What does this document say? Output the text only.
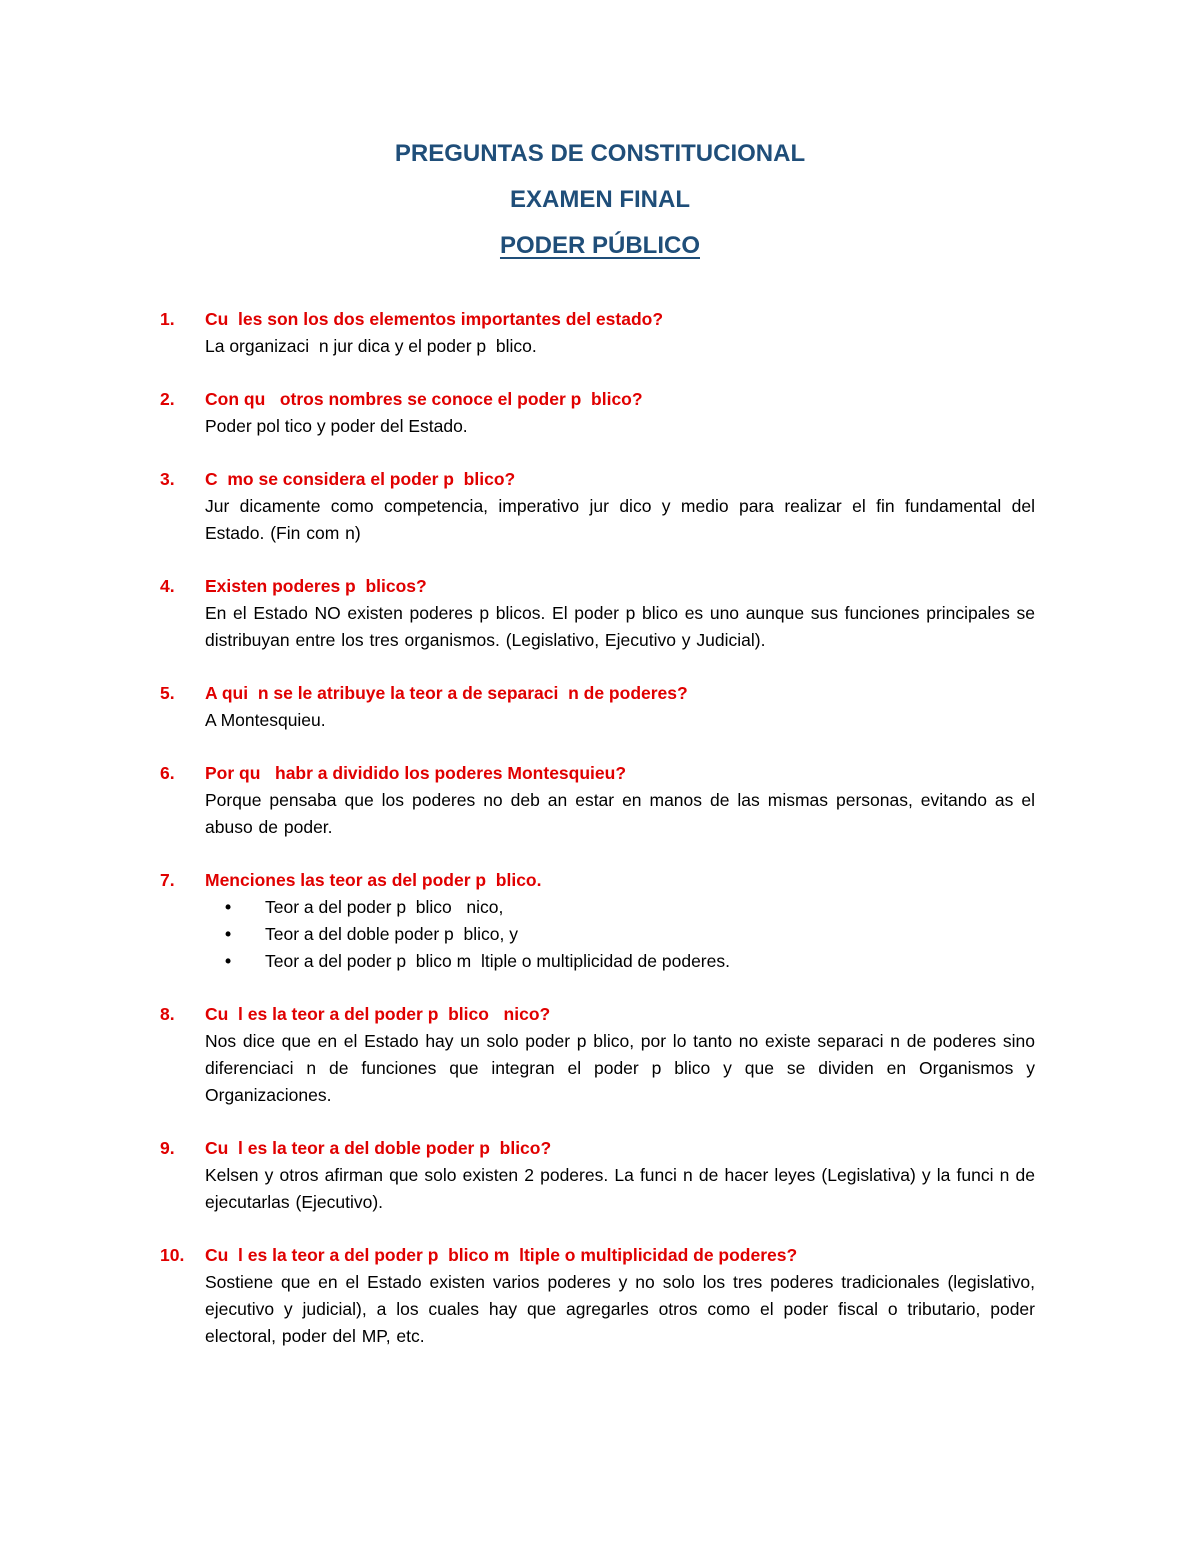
PREGUNTAS DE CONSTITUCIONAL

EXAMEN FINAL

PODER PÚBLICO

1.	Cu  les son los dos elementos importantes del estado?
La organizaci  n jur dica y el poder p  blico.
2.	Con qu   otros nombres se conoce el poder p  blico?
Poder pol tico y poder del Estado.
3.	C  mo se considera el poder p  blico?
Jur dicamente como competencia, imperativo jur dico y medio para realizar el fin fundamental del Estado. (Fin com n)
4.	Existen poderes p  blicos?
En el Estado NO existen poderes p blicos. El poder p blico es uno aunque sus funciones principales se distribuyan entre los tres organismos. (Legislativo, Ejecutivo y Judicial).
5.	A qui  n se le atribuye la teor a de separaci  n de poderes?
A Montesquieu.
6.	Por qu   habr a dividido los poderes Montesquieu?
Porque pensaba que los poderes no deb an estar en manos de las mismas personas, evitando as el abuso de poder.
7.	Menciones las teor as del poder p  blico.
•	Teor a del poder p  blico   nico,
•	Teor a del doble poder p  blico, y
•	Teor a del poder p  blico m  ltiple o multiplicidad de poderes.
8.	Cu  l es la teor a del poder p  blico   nico?
Nos dice que en el Estado hay un solo poder p blico, por lo tanto no existe separaci n de poderes sino diferenciaci n de funciones que integran el poder p blico y que se dividen en Organismos y Organizaciones.
9.	Cu  l es la teor a del doble poder p  blico?
Kelsen y otros afirman que solo existen 2 poderes. La funci n de hacer leyes (Legislativa) y la funci n de ejecutarlas (Ejecutivo).
10.	Cu  l es la teor a del poder p  blico m  ltiple o multiplicidad de poderes?
Sostiene que en el Estado existen varios poderes y no solo los tres poderes tradicionales (legislativo, ejecutivo y judicial), a los cuales hay que agregarles otros como el poder fiscal o tributario, poder electoral, poder del MP, etc.
